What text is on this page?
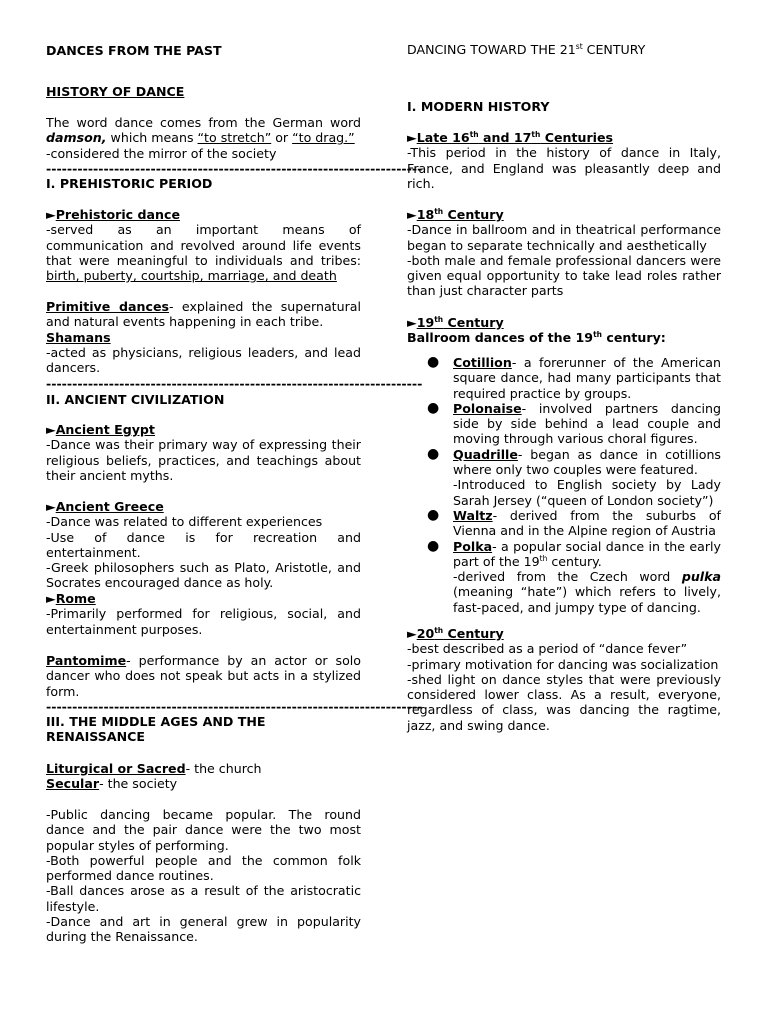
DANCES FROM THE PAST

HISTORY OF DANCE

The word dance comes from the German word damson, which means “to stretch” or “to drag.”

-considered the mirror of the society

------------------------------------------------------------------------

I. PREHISTORIC PERIOD

►Prehistoric dance

-served as an important means of communication and revolved around life events that were meaningful to individuals and tribes: birth, puberty, courtship, marriage, and death

Primitive dances- explained the supernatural and natural events happening in each tribe.

Shamans

-acted as physicians, religious leaders, and lead dancers.

------------------------------------------------------------------------

II. ANCIENT CIVILIZATION

►Ancient Egypt

-Dance was their primary way of expressing their religious beliefs, practices, and teachings about their ancient myths.

►Ancient Greece

-Dance was related to different experiences

-Use of dance is for recreation and entertainment.

-Greek philosophers such as Plato, Aristotle, and Socrates encouraged dance as holy.

►Rome

-Primarily performed for religious, social, and entertainment purposes.

Pantomime- performance by an actor or solo dancer who does not speak but acts in a stylized form.

------------------------------------------------------------------------

III. THE MIDDLE AGES AND THE RENAISSANCE

Liturgical or Sacred- the church

Secular- the society

-Public dancing became popular. The round dance and the pair dance were the two most popular styles of performing.

-Both powerful people and the common folk performed dance routines.

-Ball dances arose as a result of the aristocratic lifestyle.

-Dance and art in general grew in popularity during the Renaissance.

DANCING TOWARD THE 21st CENTURY

I. MODERN HISTORY

►Late 16th and 17th Centuries

-This period in the history of dance in Italy, France, and England was pleasantly deep and rich.

►18th Century

-Dance in ballroom and in theatrical performance began to separate technically and aesthetically

-both male and female professional dancers were given equal opportunity to take lead roles rather than just character parts

►19th Century

Ballroom dances of the 19th century:

● Cotillion- a forerunner of the American square dance, had many participants that required practice by groups.
● Polonaise- involved partners dancing side by side behind a lead couple and moving through various choral figures.
● Quadrille- began as dance in cotillions where only two couples were featured.
-Introduced to English society by Lady Sarah Jersey (“queen of London society”)
● Waltz- derived from the suburbs of Vienna and in the Alpine region of Austria
● Polka- a popular social dance in the early part of the 19th century.
-derived from the Czech word pulka (meaning “hate”) which refers to lively, fast-paced, and jumpy type of dancing.

►20th Century

-best described as a period of “dance fever”

-primary motivation for dancing was socialization

-shed light on dance styles that were previously considered lower class. As a result, everyone, regardless of class, was dancing the ragtime, jazz, and swing dance.
